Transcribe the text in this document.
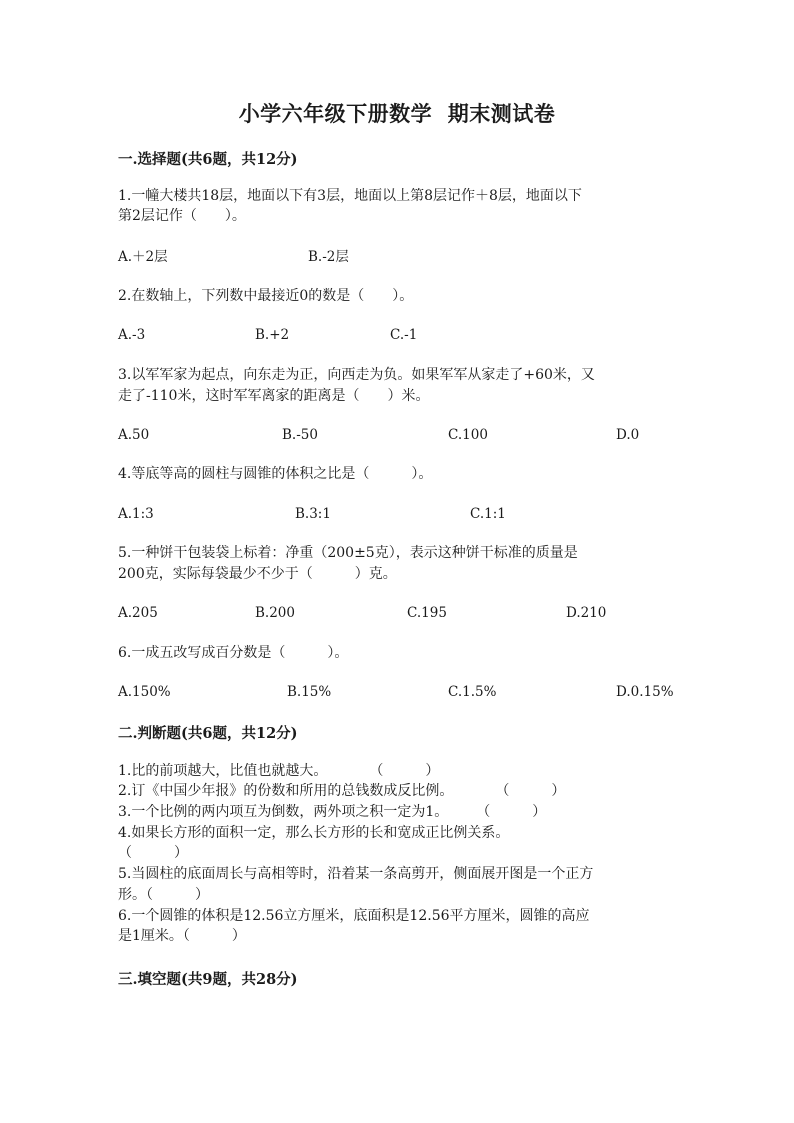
小学六年级下册数学  期末测试卷
一.选择题(共6题，共12分)
1.一幢大楼共18层，地面以下有3层，地面以上第8层记作＋8层，地面以下
第2层记作（　　）。
A.＋2层	B.-2层
2.在数轴上，下列数中最接近0的数是（　　）。
A.-3	B.+2	C.-1
3.以军军家为起点，向东走为正，向西走为负。如果军军从家走了+60米，又
走了-110米，这时军军离家的距离是（　　）米。
A.50	B.-50	C.100	D.0
4.等底等高的圆柱与圆锥的体积之比是（　　　）。
A.1:3	B.3:1	C.1:1
5.一种饼干包装袋上标着：净重（200±5克），表示这种饼干标准的质量是
200克，实际每袋最少不少于（　　　）克。
A.205	B.200	C.195	D.210
6.一成五改写成百分数是（　　　）。
A.150%	B.15%	C.1.5%	D.0.15%
二.判断题(共6题，共12分)
1.比的前项越大，比值也就越大。　　　　（　　　）
2.订《中国少年报》的份数和所用的总钱数成反比例。　　　　（　　　）
3.一个比例的两内项互为倒数，两外项之积一定为1。　　　（　　　）
4.如果长方形的面积一定，那么长方形的长和宽成正比例关系。
（　　　）
5.当圆柱的底面周长与高相等时，沿着某一条高剪开，侧面展开图是一个正方
形。（　　　）
6.一个圆锥的体积是12.56立方厘米，底面积是12.56平方厘米，圆锥的高应
是1厘米。（　　　）
三.填空题(共9题，共28分)
